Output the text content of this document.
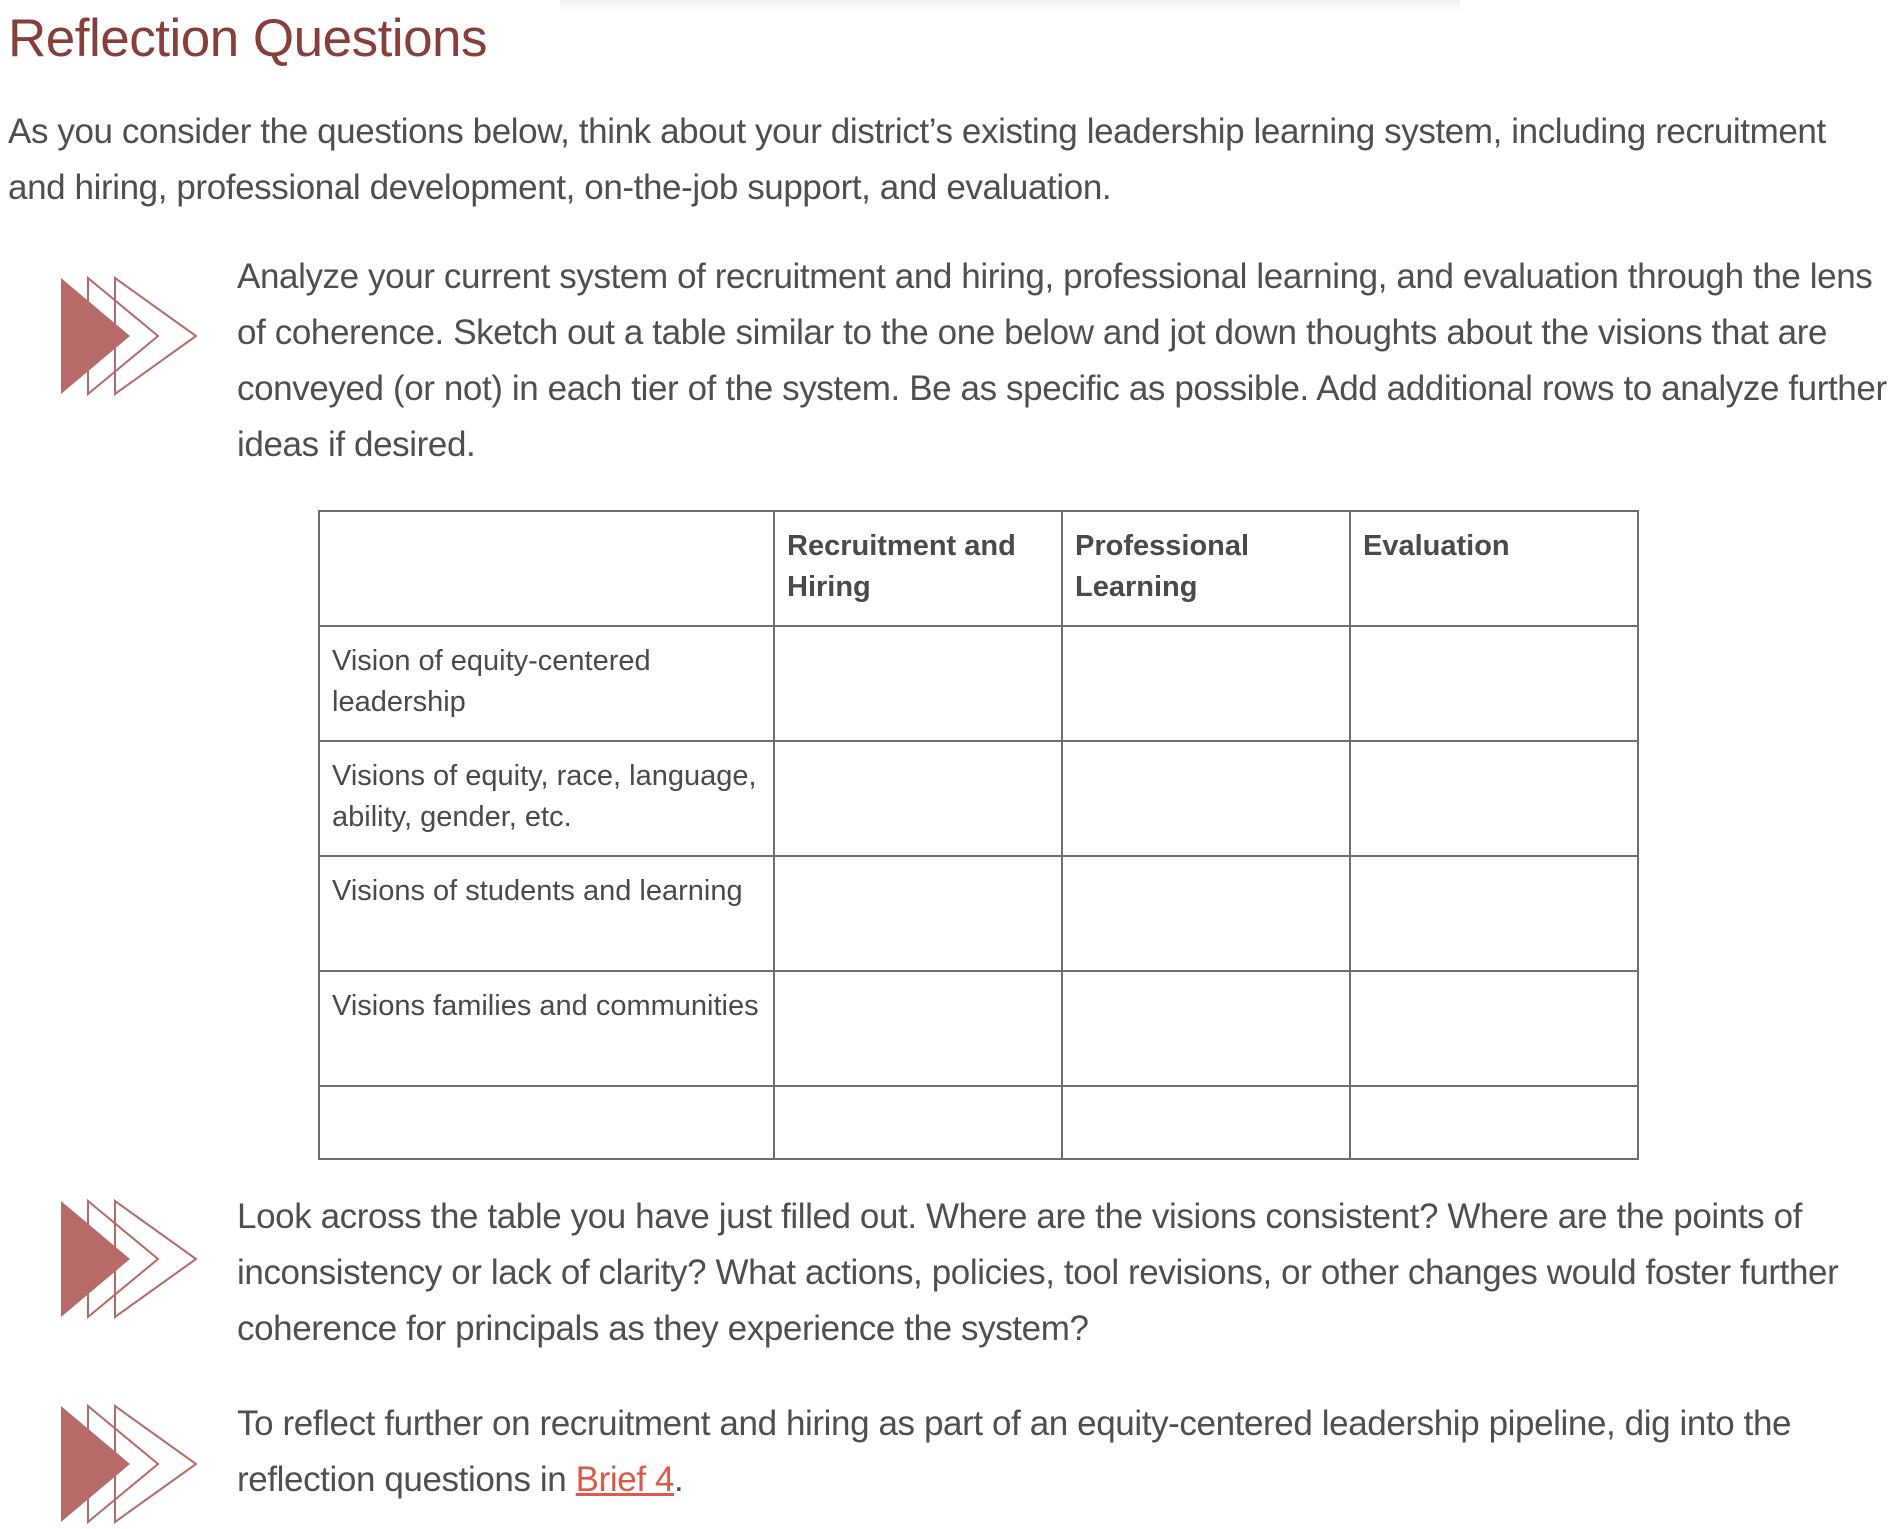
Reflection Questions

As you consider the questions below, think about your district’s existing leadership learning system, including recruitment and hiring, professional development, on-the-job support, and evaluation.

Analyze your current system of recruitment and hiring, professional learning, and evaluation through the lens of coherence. Sketch out a table similar to the one below and jot down thoughts about the visions that are conveyed (or not) in each tier of the system. Be as specific as possible. Add additional rows to analyze further ideas if desired.

	Recruitment and Hiring	Professional Learning	Evaluation
Vision of equity-centered leadership			
Visions of equity, race, language, ability, gender, etc.			
Visions of students and learning			
Visions families and communities			

Look across the table you have just filled out. Where are the visions consistent? Where are the points of inconsistency or lack of clarity? What actions, policies, tool revisions, or other changes would foster further coherence for principals as they experience the system?

To reflect further on recruitment and hiring as part of an equity-centered leadership pipeline, dig into the reflection questions in Brief 4.
